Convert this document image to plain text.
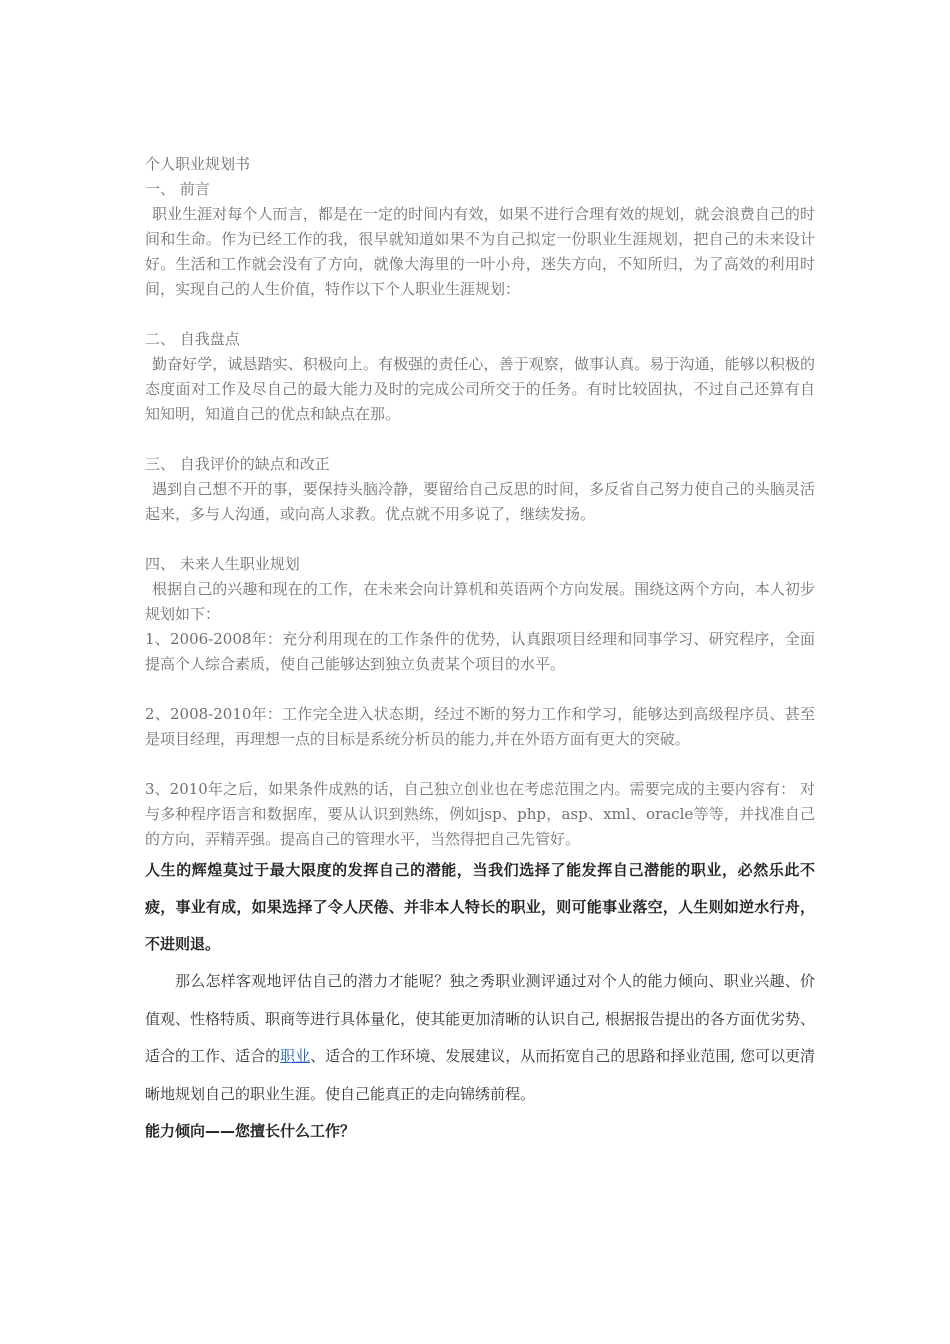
个人职业规划书

一、 前言

职业生涯对每个人而言，都是在一定的时间内有效，如果不进行合理有效的规划，就会浪费自己的时间和生命。作为已经工作的我，很早就知道如果不为自己拟定一份职业生涯规划，把自己的未来设计好。生活和工作就会没有了方向，就像大海里的一叶小舟，迷失方向，不知所归，为了高效的利用时间，实现自己的人生价值，特作以下个人职业生涯规划：

二、 自我盘点

勤奋好学，诚恳踏实、积极向上。有极强的责任心，善于观察，做事认真。易于沟通，能够以积极的态度面对工作及尽自己的最大能力及时的完成公司所交于的任务。有时比较固执，不过自己还算有自知知明，知道自己的优点和缺点在那。

三、 自我评价的缺点和改正

遇到自己想不开的事，要保持头脑冷静，要留给自己反思的时间，多反省自己努力使自己的头脑灵活起来，多与人沟通，或向高人求教。优点就不用多说了，继续发扬。

四、 未来人生职业规划

根据自己的兴趣和现在的工作，在未来会向计算机和英语两个方向发展。围绕这两个方向，本人初步规划如下：

1、2006-2008年：充分利用现在的工作条件的优势，认真跟项目经理和同事学习、研究程序，全面提高个人综合素质，使自己能够达到独立负责某个项目的水平。

2、2008-2010年：工作完全进入状态期，经过不断的努力工作和学习，能够达到高级程序员、甚至是项目经理，再理想一点的目标是系统分析员的能力,并在外语方面有更大的突破。

3、2010年之后，如果条件成熟的话，自己独立创业也在考虑范围之内。需要完成的主要内容有： 对与多种程序语言和数据库，要从认识到熟练，例如jsp、php，asp、xml、oracle等等，并找准自己的方向，弄精弄强。提高自己的管理水平，当然得把自己先管好。

人生的辉煌莫过于最大限度的发挥自己的潜能，当我们选择了能发挥自己潜能的职业，必然乐此不疲，事业有成，如果选择了令人厌倦、并非本人特长的职业，则可能事业落空，人生则如逆水行舟，不进则退。

那么怎样客观地评估自己的潜力才能呢？独之秀职业测评通过对个人的能力倾向、职业兴趣、价值观、性格特质、职商等进行具体量化，使其能更加清晰的认识自己, 根据报告提出的各方面优劣势、适合的工作、适合的职业、适合的工作环境、发展建议，从而拓宽自己的思路和择业范围, 您可以更清晰地规划自己的职业生涯。使自己能真正的走向锦绣前程。

能力倾向——您擅长什么工作？
